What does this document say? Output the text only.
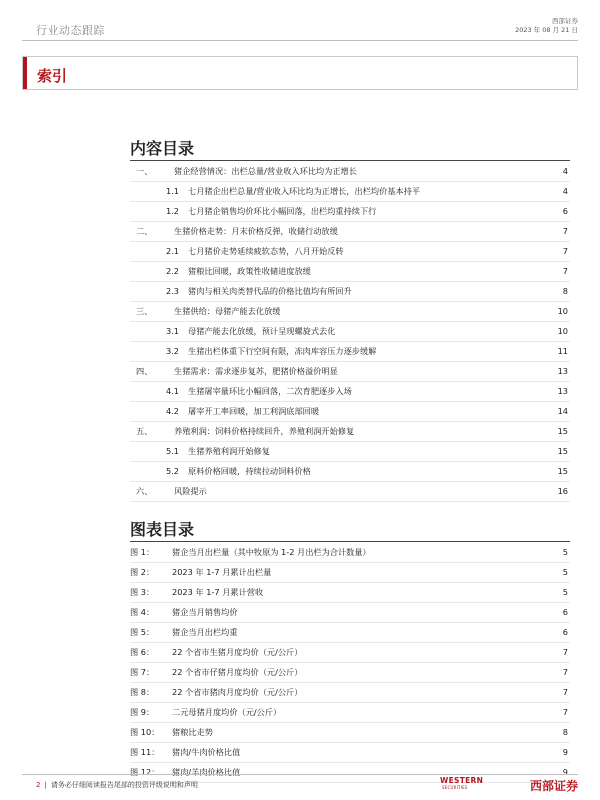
行业动态跟踪
西部证券
2023 年 08 月 21 日
索引
内容目录
一、	猪企经营情况：出栏总量/营业收入环比均为正增长	4
1.1 七月猪企出栏总量/营业收入环比均为正增长，出栏均价基本持平	4
1.2 七月猪企销售均价环比小幅回落，出栏均重持续下行	6
二、	生猪价格走势：月末价格反弹，收储行动放缓	7
2.1 七月猪价走势延续疲软态势，八月开始反转	7
2.2 猪粮比回暖，政策性收储进度放缓	7
2.3 猪肉与相关肉类替代品的价格比值均有所回升	8
三、	生猪供给：母猪产能去化放缓	10
3.1 母猪产能去化放缓，预计呈现螺旋式去化	10
3.2 生猪出栏体重下行空间有限，冻肉库容压力逐步缓解	11
四、	生猪需求：需求逐步复苏，肥猪价格溢价明显	13
4.1 生猪屠宰量环比小幅回落，二次育肥逐步入场	13
4.2 屠宰开工率回暖，加工利润底部回暖	14
五、	养殖利润：饲料价格持续回升，养殖利润开始修复	15
5.1 生猪养殖利润开始修复	15
5.2 原料价格回暖，持续拉动饲料价格	15
六、	风险提示	16
图表目录
图 1： 猪企当月出栏量（其中牧原为 1-2 月出栏为合计数量）	5
图 2： 2023 年 1-7 月累计出栏量	5
图 3： 2023 年 1-7 月累计营收	5
图 4： 猪企当月销售均价	6
图 5： 猪企当月出栏均重	6
图 6： 22 个省市生猪月度均价（元/公斤）	7
图 7： 22 个省市仔猪月度均价（元/公斤）	7
图 8： 22 个省市猪肉月度均价（元/公斤）	7
图 9： 二元母猪月度均价（元/公斤）	7
图 10： 猪粮比走势	8
图 11： 猪肉/牛肉价格比值	9
图 12： 猪肉/羊肉价格比值	9
2 | 请务必仔细阅读报告尾部的投资评级说明和声明	WESTERN
SECURITIES	西部证券
